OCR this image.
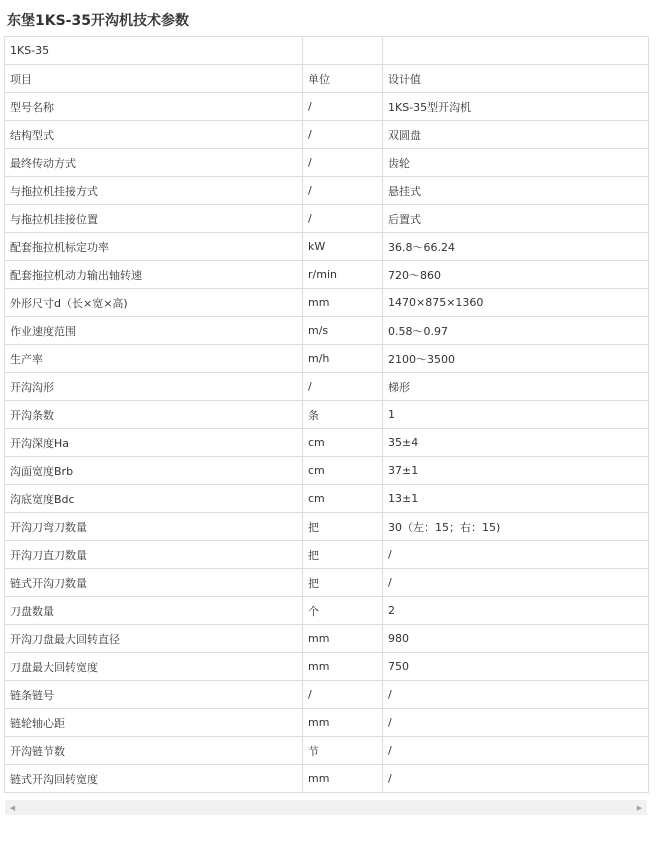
东堡1KS-35开沟机技术参数
1KS-35		
项目	单位	设计值
型号名称	/	1KS-35型开沟机
结构型式	/	双圆盘
最终传动方式	/	齿轮
与拖拉机挂接方式	/	悬挂式
与拖拉机挂接位置	/	后置式
配套拖拉机标定功率	kW	36.8～66.24
配套拖拉机动力输出轴转速	r/min	720～860
外形尺寸d（长×宽×高)	mm	1470×875×1360
作业速度范围	m/s	0.58～0.97
生产率	m/h	2100～3500
开沟沟形	/	梯形
开沟条数	条	1
开沟深度Ha	cm	35±4
沟面宽度Brb	cm	37±1
沟底宽度Bdc	cm	13±1
开沟刀弯刀数量	把	30（左：15；右：15)
开沟刀直刀数量	把	/
链式开沟刀数量	把	/
刀盘数量	个	2
开沟刀盘最大回转直径	mm	980
刀盘最大回转宽度	mm	750
链条链号	/	/
链轮轴心距	mm	/
开沟链节数	节	/
链式开沟回转宽度	mm	/
◀	▶
